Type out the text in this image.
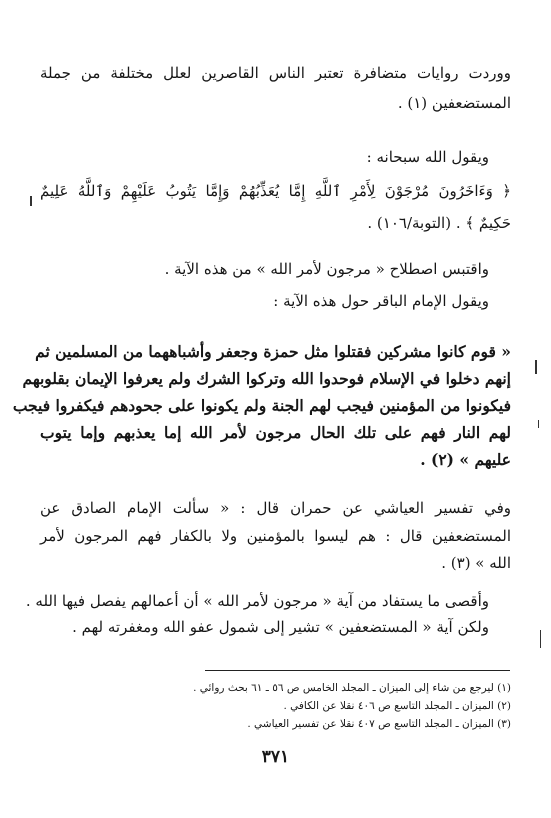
ووردت روايات متضافرة تعتبر الناس القاصرين لعلل مختلفة من جملة
المستضعفين (١) .
ويقول الله سبحانه :
﴿ وَءَاخَرُونَ مُرْجَوْنَ لِأَمْرِ ٱللَّهِ إِمَّا يُعَذِّبُهُمْ وَإِمَّا يَتُوبُ عَلَيْهِمْ وَٱللَّهُ عَلِيمٌ
حَكِيمٌ ﴾ . (التوبة/١٠٦) .
واقتبس اصطلاح « مرجون لأمر الله » من هذه الآية .
ويقول الإمام الباقر حول هذه الآية :
« قوم كانوا مشركين فقتلوا مثل حمزة وجعفر وأشباههما من المسلمين ثم
إنهم دخلوا في الإسلام فوحدوا الله وتركوا الشرك ولم يعرفوا الإيمان بقلوبهم
فيكونوا من المؤمنين فيجب لهم الجنة ولم يكونوا على جحودهم فيكفروا فيجب
لهم النار فهم على تلك الحال مرجون لأمر الله إما يعذبهم وإما يتوب
عليهم » (٢) .
وفي تفسير العياشي عن حمران قال : « سألت الإمام الصادق عن
المستضعفين قال : هم ليسوا بالمؤمنين ولا بالكفار فهم المرجون لأمر
الله » (٣) .
وأقصى ما يستفاد من آية « مرجون لأمر الله » أن أعمالهم يفصل فيها الله .
ولكن آية « المستضعفين » تشير إلى شمول عفو الله ومغفرته لهم .
(١) ليرجع من شاء إلى الميزان ـ المجلد الخامس ص ٥٦ ـ ٦١ بحث روائي .
(٢) الميزان ـ المجلد التاسع ص ٤٠٦ نقلا عن الكافي .
(٣) الميزان ـ المجلد التاسع ص ٤٠٧ نقلا عن تفسير العياشي .
٣٧١
